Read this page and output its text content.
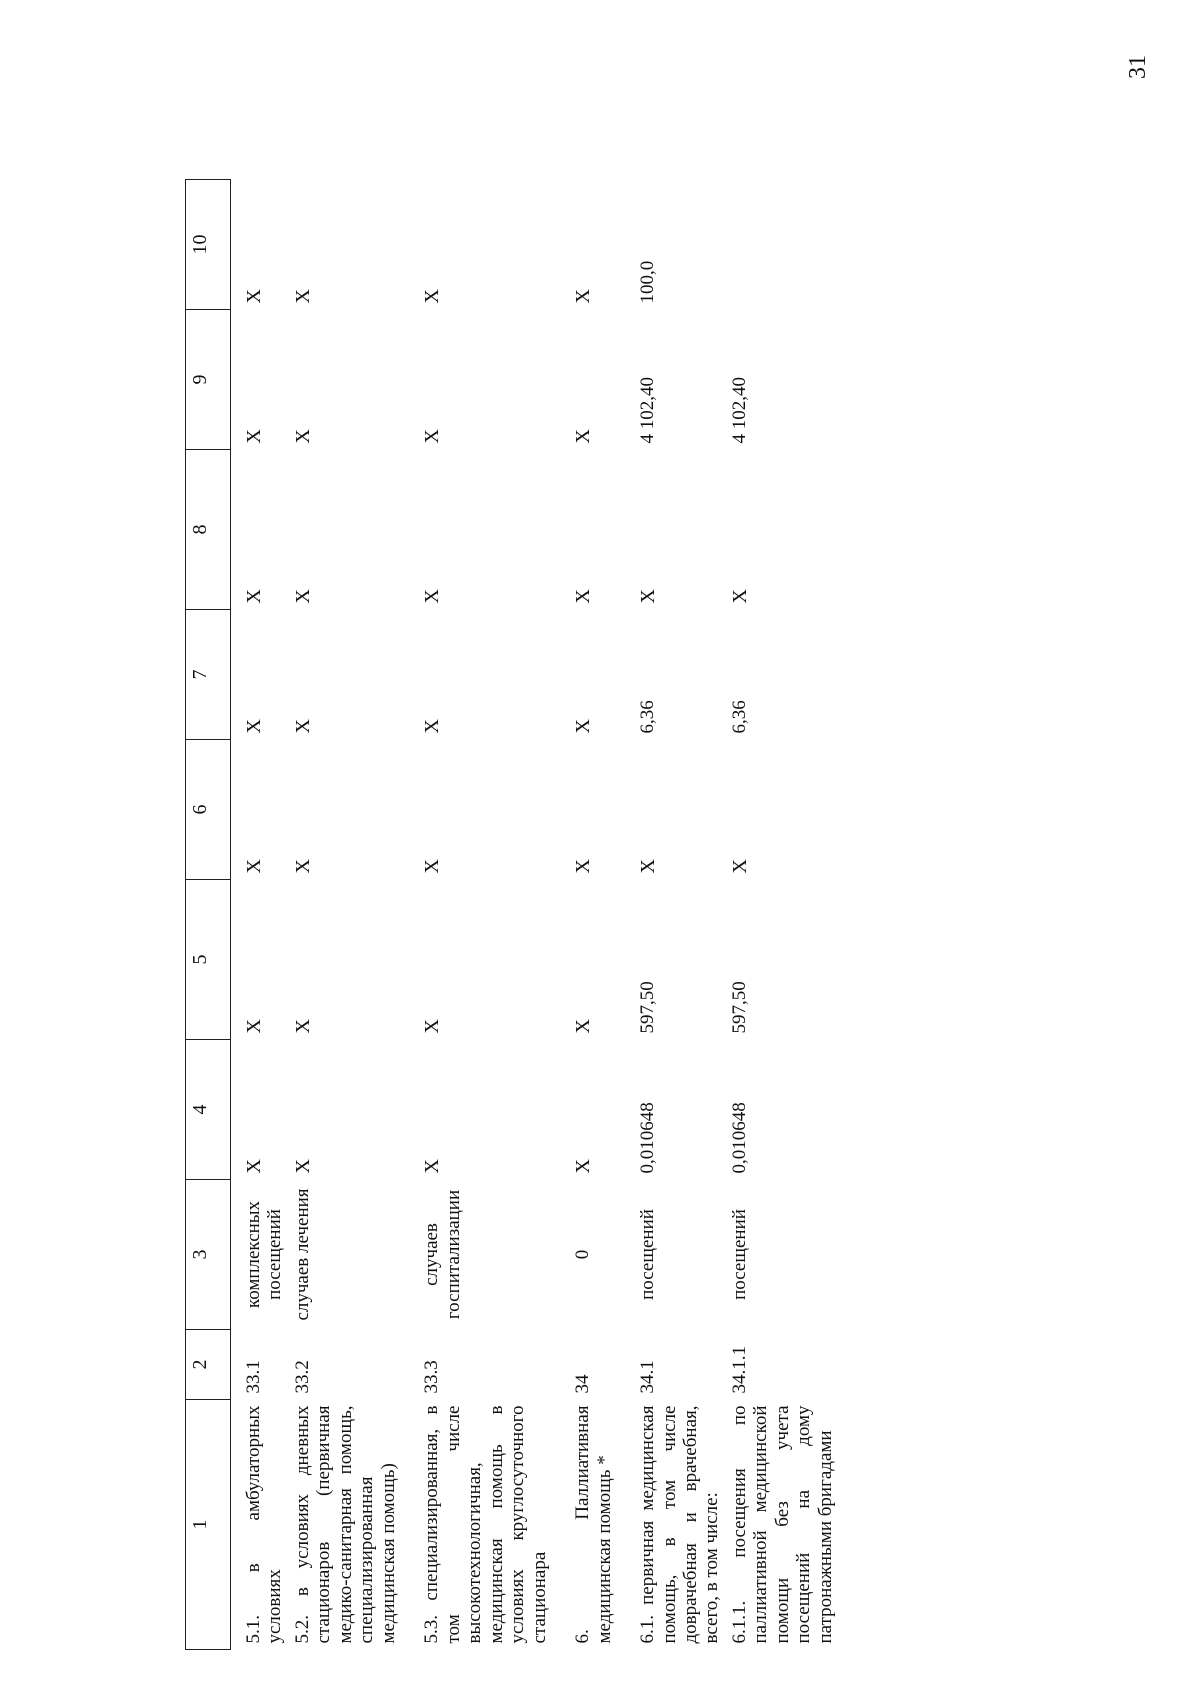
31
1	2	3	4	5	6	7	8	9	10
5.1. в амбулаторных условиях	33.1	комплексных посещений	Х	Х	Х	Х	Х	Х	Х
5.2. в условиях дневных стационаров (первичная медико-санитарная помощь, специализированная медицинская помощь)	33.2	случаев лечения	Х	Х	Х	Х	Х	Х	Х

5.3. специализированная, в том числе высокотехнологичная, медицинская помощь в условиях круглосуточного стационара	33.3	случаев госпитализации	Х	Х	Х	Х	Х	Х	Х

6. Паллиативная медицинская помощь *	34	0	Х	Х	Х	Х	Х	Х	Х

6.1. первичная медицинская помощь, в том числе доврачебная и врачебная, всего, в том числе:	34.1	посещений	0,010648	597,50	Х	6,36	Х	4 102,40	100,0
6.1.1. посещения по паллиативной медицинской помощи без учета посещений на дому патронажными бригадами	34.1.1	посещений	0,010648	597,50	Х	6,36	Х	4 102,40	
